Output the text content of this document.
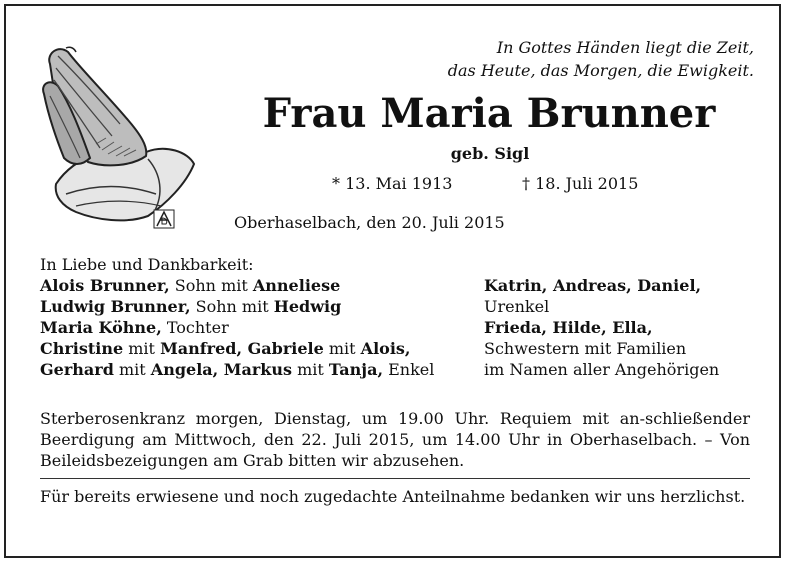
In Gottes Händen liegt die Zeit,
das Heute, das Morgen, die Ewigkeit.
Frau Maria Brunner
geb. Sigl
* 13. Mai 1913	† 18. Juli 2015
Oberhaselbach, den 20. Juli 2015
In Liebe und Dankbarkeit:
Alois Brunner, Sohn mit Anneliese
Ludwig Brunner, Sohn mit Hedwig
Maria Köhne, Tochter
Christine mit Manfred, Gabriele mit Alois,
Gerhard mit Angela, Markus mit Tanja, Enkel

Katrin, Andreas, Daniel,
Urenkel
Frieda, Hilde, Ella,
Schwestern mit Familien
im Namen aller Angehörigen
Sterberosenkranz morgen, Dienstag, um 19.00 Uhr. Requiem mit an-schließender Beerdigung am Mittwoch, den 22. Juli 2015, um 14.00 Uhr in Oberhaselbach. – Von Beileidsbezeigungen am Grab bitten wir abzusehen.
Für bereits erwiesene und noch zugedachte Anteilnahme bedanken wir uns herzlichst.
